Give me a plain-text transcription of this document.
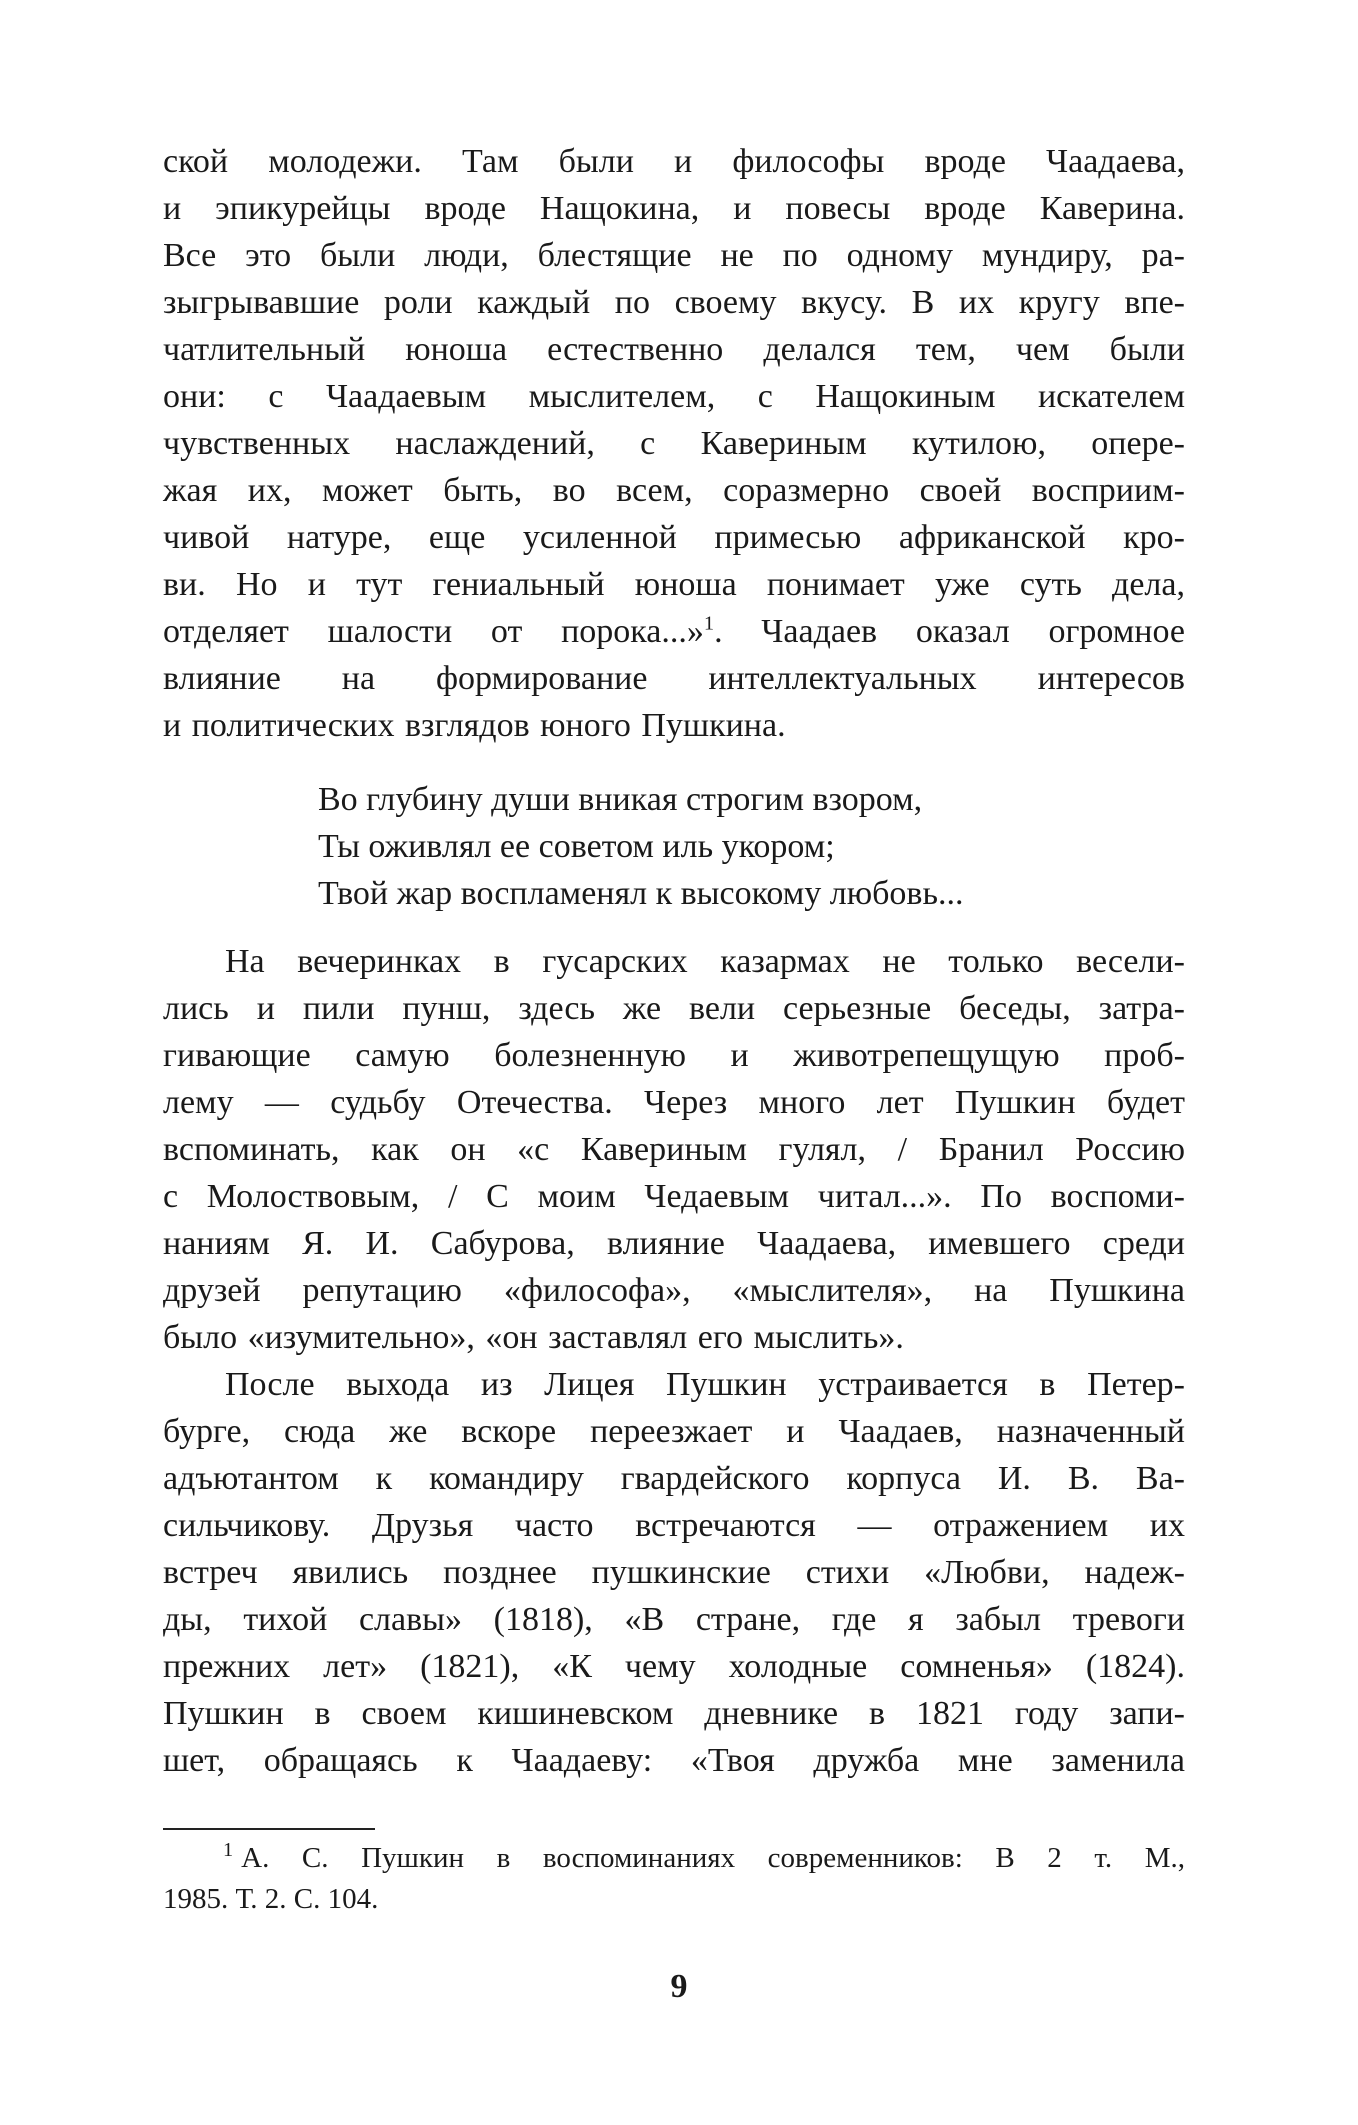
ской молодежи. Там были и философы вроде Чаадаева,

и эпикурейцы вроде Нащокина, и повесы вроде Каверина.

Все это были люди, блестящие не по одному мундиру, ра-

зыгрывавшие роли каждый по своему вкусу. В их кругу впе-

чатлительный юноша естественно делался тем, чем были

они: с Чаадаевым мыслителем, с Нащокиным искателем

чувственных наслаждений, с Кавериным кутилою, опере-

жая их, может быть, во всем, соразмерно своей восприим-

чивой натуре, еще усиленной примесью африканской кро-

ви. Но и тут гениальный юноша понимает уже суть дела,

отделяет шалости от порока...»$^1$. Чаадаев оказал огромное

влияние на формирование интеллектуальных интересов

и политических взглядов юного Пушкина.

Во глубину души вникая строгим взором,
Ты оживлял ее советом иль укором;
Твой жар воспламенял к высокому любовь...

На вечеринках в гусарских казармах не только весели-

лись и пили пунш, здесь же вели серьезные беседы, затра-

гивающие самую болезненную и животрепещущую проб-

лему — судьбу Отечества. Через много лет Пушкин будет

вспоминать, как он «с Кавериным гулял, / Бранил Россию

с Молоствовым, / С моим Чедаевым читал...». По воспоми-

наниям Я. И. Сабурова, влияние Чаадаева, имевшего среди

друзей репутацию «философа», «мыслителя», на Пушкина

было «изумительно», «он заставлял его мыслить».

После выхода из Лицея Пушкин устраивается в Петер-

бурге, сюда же вскоре переезжает и Чаадаев, назначенный

адъютантом к командиру гвардейского корпуса И. В. Ва-

сильчикову. Друзья часто встречаются — отражением их

встреч явились позднее пушкинские стихи «Любви, надеж-

ды, тихой славы» (1818), «В стране, где я забыл тревоги

прежних лет» (1821), «К чему холодные сомненья» (1824).

Пушкин в своем кишиневском дневнике в 1821 году запи-

шет, обращаясь к Чаадаеву: «Твоя дружба мне заменила

$^1$ А. С. Пушкин в воспоминаниях современников: В 2 т. М.,

1985. Т. 2. С. 104.

9
